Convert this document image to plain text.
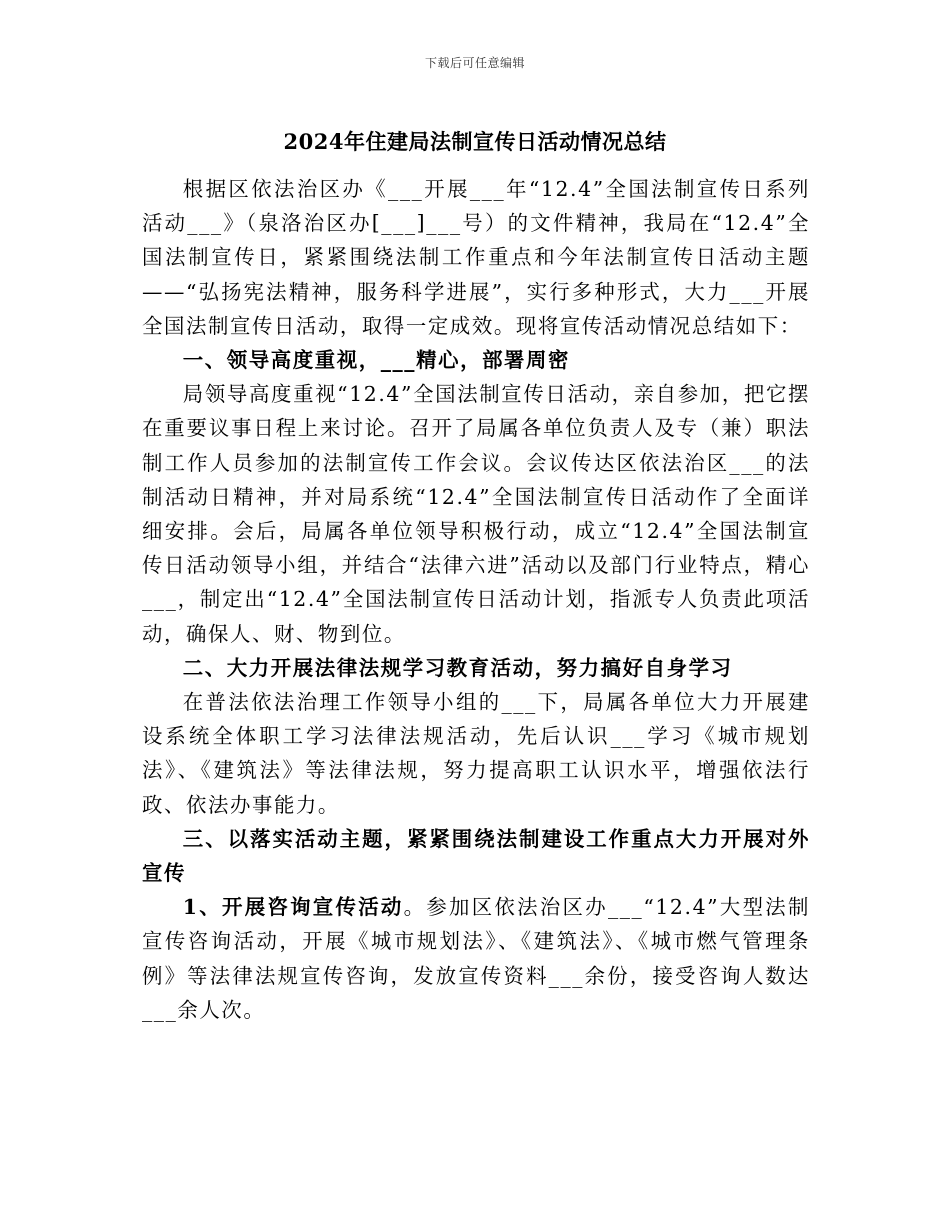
下载后可任意编辑
2024年住建局法制宣传日活动情况总结

根据区依法治区办《___开展___年“12.4”全国法制宣传日系列活动___》（泉洛治区办[___]___号）的文件精神，我局在“12.4”全国法制宣传日，紧紧围绕法制工作重点和今年法制宣传日活动主题——“弘扬宪法精神，服务科学进展”，实行多种形式，大力___开展全国法制宣传日活动，取得一定成效。现将宣传活动情况总结如下：

一、领导高度重视，___精心，部署周密

局领导高度重视“12.4”全国法制宣传日活动，亲自参加，把它摆在重要议事日程上来讨论。召开了局属各单位负责人及专（兼）职法制工作人员参加的法制宣传工作会议。会议传达区依法治区___的法制活动日精神，并对局系统“12.4”全国法制宣传日活动作了全面详细安排。会后，局属各单位领导积极行动，成立“12.4”全国法制宣传日活动领导小组，并结合“法律六进”活动以及部门行业特点，精心___，制定出“12.4”全国法制宣传日活动计划，指派专人负责此项活动，确保人、财、物到位。

二、大力开展法律法规学习教育活动，努力搞好自身学习

在普法依法治理工作领导小组的___下，局属各单位大力开展建设系统全体职工学习法律法规活动，先后认识___学习《城市规划法》、《建筑法》等法律法规，努力提高职工认识水平，增强依法行政、依法办事能力。

三、以落实活动主题，紧紧围绕法制建设工作重点大力开展对外宣传

1、开展咨询宣传活动。参加区依法治区办___“12.4”大型法制宣传咨询活动，开展《城市规划法》、《建筑法》、《城市燃气管理条例》等法律法规宣传咨询，发放宣传资料___余份，接受咨询人数达___余人次。
